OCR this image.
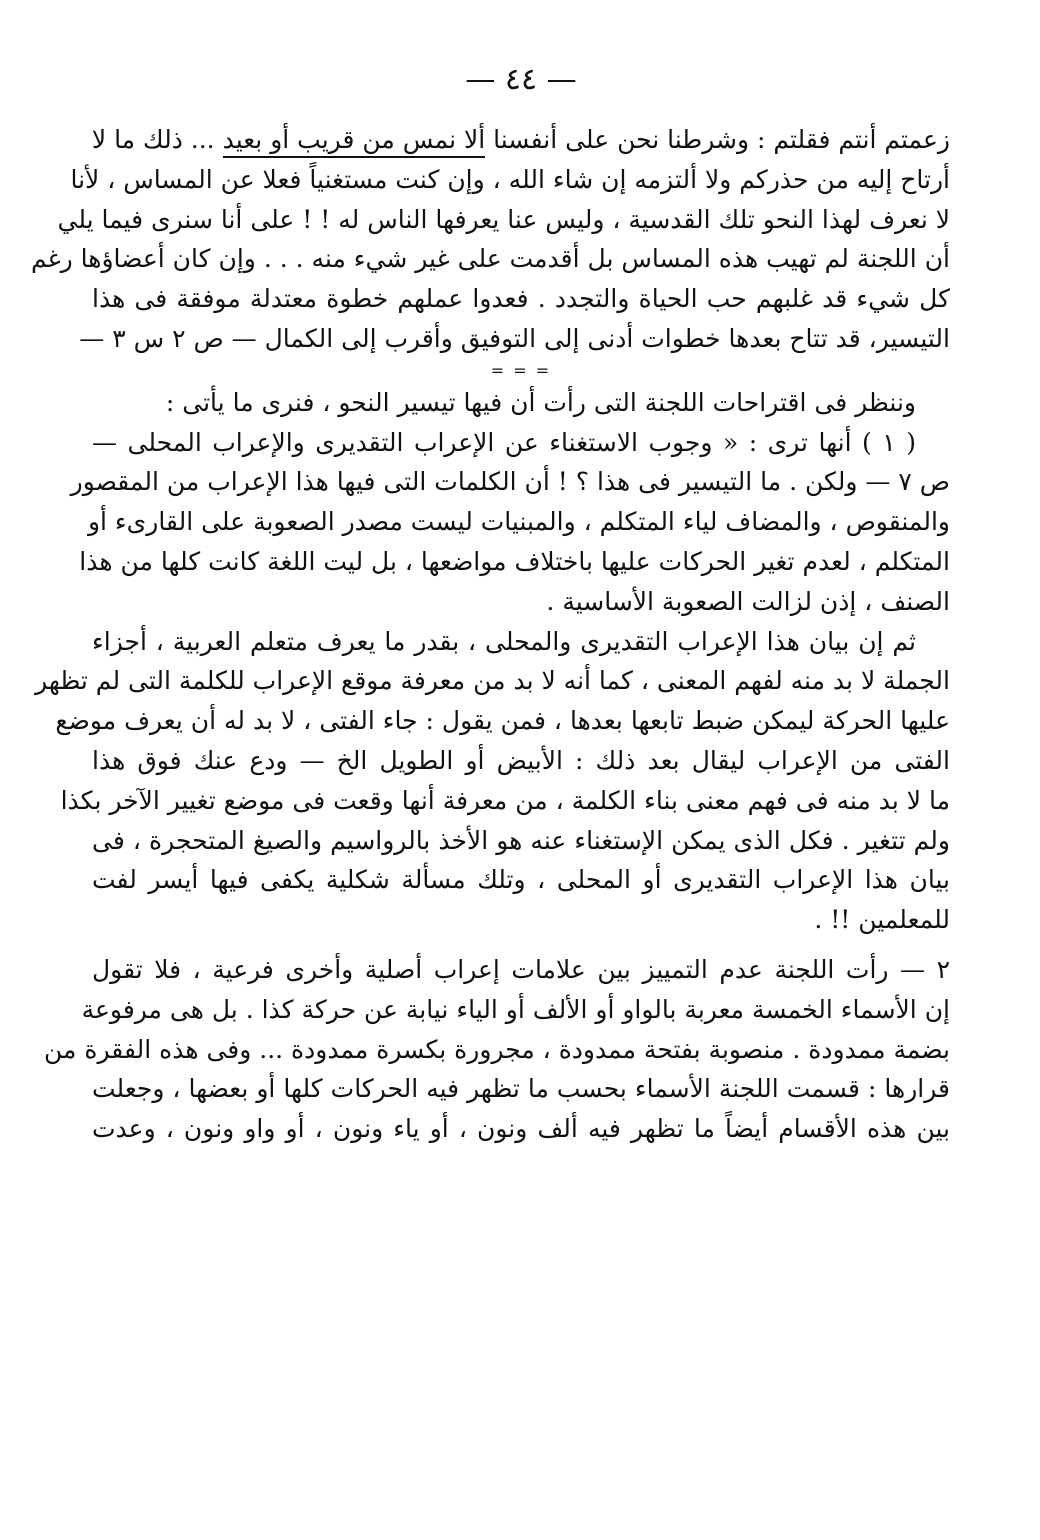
— ٤٤ —
زعمتم أنتم فقلتم : وشرطنا نحن على أنفسنا ألا نمس من قريب أو بعيد ... ذلك ما لا
أرتاح إليه من حذركم ولا ألتزمه إن شاء الله ، وإن كنت مستغنياً فعلا عن المساس ، لأنا
لا نعرف لهذا النحو تلك القدسية ، وليس عنا يعرفها الناس له ! ! على أنا سنرى فيما يلي
أن اللجنة لم تهيب هذه المساس بل أقدمت على غير شيء منه . . . وإن كان أعضاؤها رغم
كل شيء قد غلبهم حب الحياة والتجدد . فعدوا عملهم خطوة معتدلة موفقة فى هذا
التيسير، قد تتاح بعدها خطوات أدنى إلى التوفيق وأقرب إلى الكمال — ص ٢ س ٣ —
= = =
وننظر فى اقتراحات اللجنة التى رأت أن فيها تيسير النحو ، فنرى ما يأتى :
( ١ ) أنها ترى : « وجوب الاستغناء عن الإعراب التقديرى والإعراب المحلى —
ص ٧ — ولكن . ما التيسير فى هذا ؟ ! أن الكلمات التى فيها هذا الإعراب من المقصور
والمنقوص ، والمضاف لياء المتكلم ، والمبنيات ليست مصدر الصعوبة على القارىء أو
المتكلم ، لعدم تغير الحركات عليها باختلاف مواضعها ، بل ليت اللغة كانت كلها من هذا
الصنف ، إذن لزالت الصعوبة الأساسية .
ثم إن بيان هذا الإعراب التقديرى والمحلى ، بقدر ما يعرف متعلم العربية ، أجزاء
الجملة لا بد منه لفهم المعنى ، كما أنه لا بد من معرفة موقع الإعراب للكلمة التى لم تظهر
عليها الحركة ليمكن ضبط تابعها بعدها ، فمن يقول : جاء الفتى ، لا بد له أن يعرف موضع
الفتى من الإعراب ليقال بعد ذلك : الأبيض أو الطويل الخ — ودع عنك فوق هذا
ما لا بد منه فى فهم معنى بناء الكلمة ، من معرفة أنها وقعت فى موضع تغيير الآخر بكذا
ولم تتغير . فكل الذى يمكن الإستغناء عنه هو الأخذ بالرواسيم والصيغ المتحجرة ، فى
بيان هذا الإعراب التقديرى أو المحلى ، وتلك مسألة شكلية يكفى فيها أيسر لفت
للمعلمين !! .
٢ — رأت اللجنة عدم التمييز بين علامات إعراب أصلية وأخرى فرعية ، فلا تقول
إن الأسماء الخمسة معربة بالواو أو الألف أو الياء نيابة عن حركة كذا . بل هى مرفوعة
بضمة ممدودة . منصوبة بفتحة ممدودة ، مجرورة بكسرة ممدودة ... وفى هذه الفقرة من
قرارها : قسمت اللجنة الأسماء بحسب ما تظهر فيه الحركات كلها أو بعضها ، وجعلت
بين هذه الأقسام أيضاً ما تظهر فيه ألف ونون ، أو ياء ونون ، أو واو ونون ، وعدت
